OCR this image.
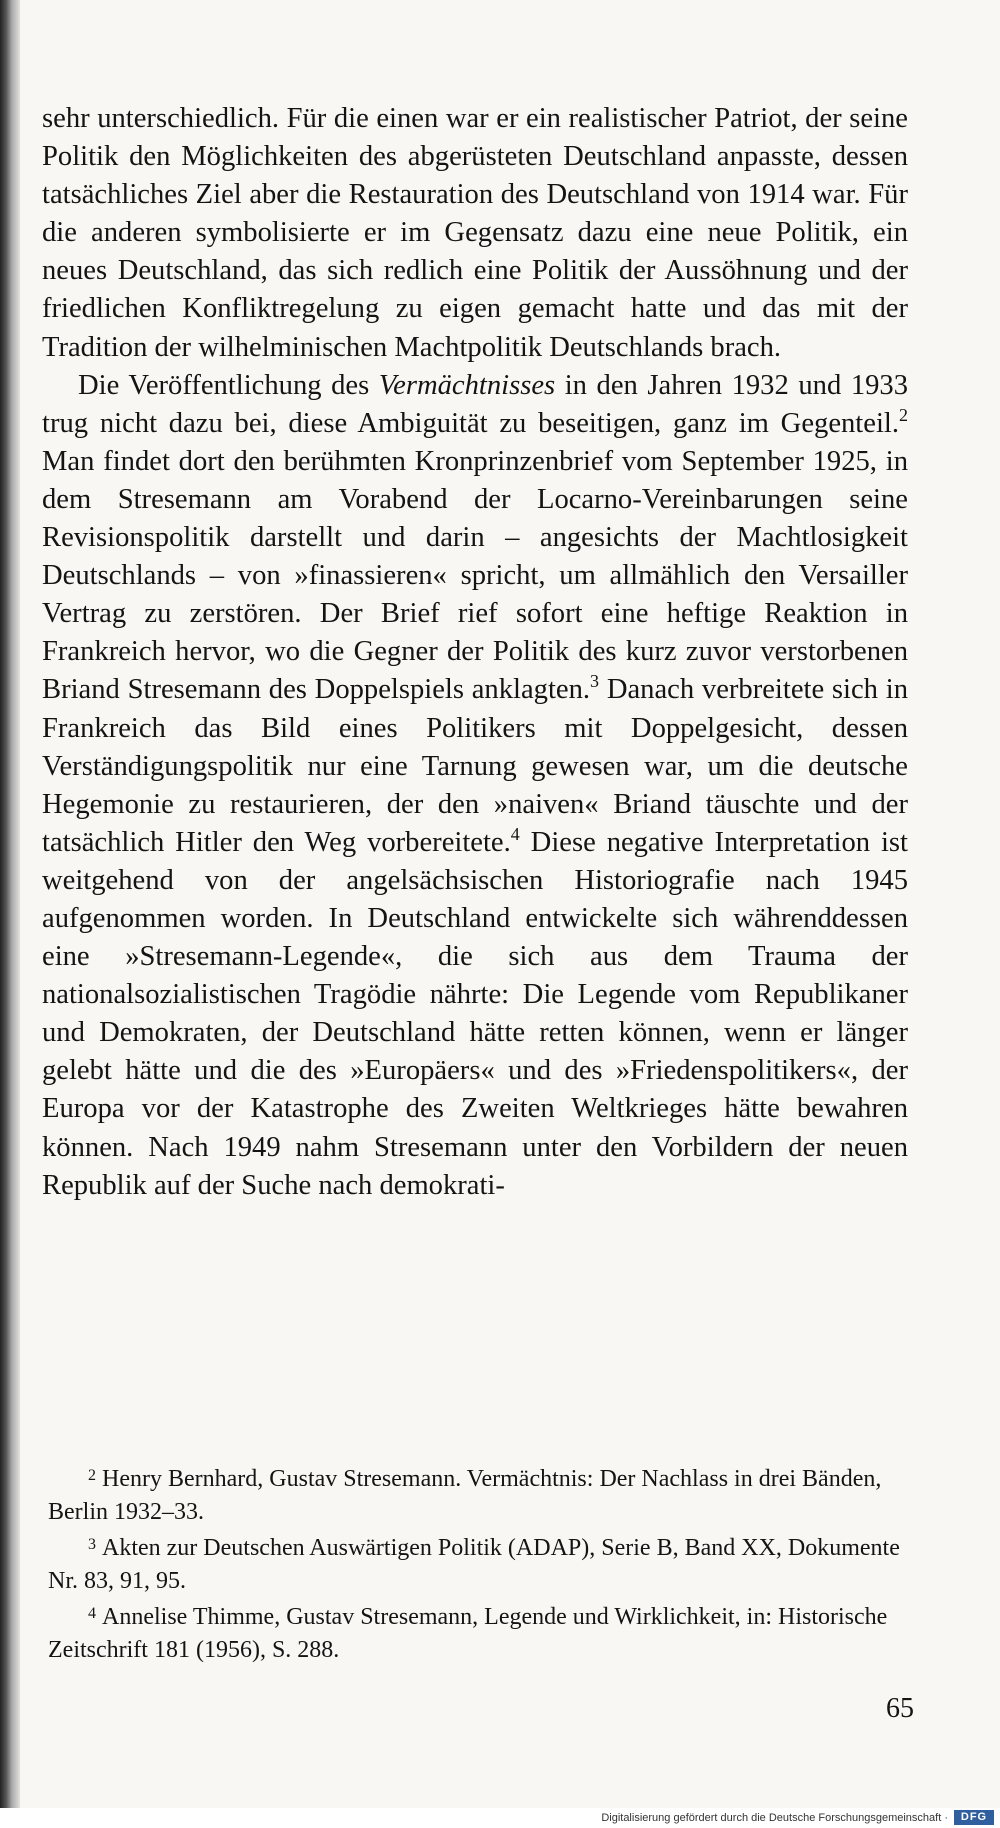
sehr unterschiedlich. Für die einen war er ein realistischer Patriot, der seine Politik den Möglichkeiten des abgerüsteten Deutschland anpasste, dessen tatsächliches Ziel aber die Restauration des Deutschland von 1914 war. Für die anderen symbolisierte er im Gegensatz dazu eine neue Politik, ein neues Deutschland, das sich redlich eine Politik der Aussöhnung und der friedlichen Konfliktregelung zu eigen gemacht hatte und das mit der Tradition der wilhelminischen Machtpolitik Deutschlands brach.

Die Veröffentlichung des Vermächtnisses in den Jahren 1932 und 1933 trug nicht dazu bei, diese Ambiguität zu beseitigen, ganz im Gegenteil.$^2$ Man findet dort den berühmten Kronprinzenbrief vom September 1925, in dem Stresemann am Vorabend der Locarno-Vereinbarungen seine Revisionspolitik darstellt und darin – angesichts der Machtlosigkeit Deutschlands – von »finassieren« spricht, um allmählich den Versailler Vertrag zu zerstören. Der Brief rief sofort eine heftige Reaktion in Frankreich hervor, wo die Gegner der Politik des kurz zuvor verstorbenen Briand Stresemann des Doppelspiels anklagten.$^3$ Danach verbreitete sich in Frankreich das Bild eines Politikers mit Doppelgesicht, dessen Verständigungspolitik nur eine Tarnung gewesen war, um die deutsche Hegemonie zu restaurieren, der den »naiven« Briand täuschte und der tatsächlich Hitler den Weg vorbereitete.$^4$ Diese negative Interpretation ist weitgehend von der angelsächsischen Historiografie nach 1945 aufgenommen worden. In Deutschland entwickelte sich währenddessen eine »Stresemann-Legende«, die sich aus dem Trauma der nationalsozialistischen Tragödie nährte: Die Legende vom Republikaner und Demokraten, der Deutschland hätte retten können, wenn er länger gelebt hätte und die des »Europäers« und des »Friedenspolitikers«, der Europa vor der Katastrophe des Zweiten Weltkrieges hätte bewahren können. Nach 1949 nahm Stresemann unter den Vorbildern der neuen Republik auf der Suche nach demokrati-

$^2$ Henry Bernhard, Gustav Stresemann. Vermächtnis: Der Nachlass in drei Bänden, Berlin 1932–33.

$^3$ Akten zur Deutschen Auswärtigen Politik (ADAP), Serie B, Band XX, Dokumente Nr. 83, 91, 95.

$^4$ Annelise Thimme, Gustav Stresemann, Legende und Wirklichkeit, in: Historische Zeitschrift 181 (1956), S. 288.

65
Digitalisierung gefördert durch die Deutsche Forschungsgemeinschaft ·	DFG
